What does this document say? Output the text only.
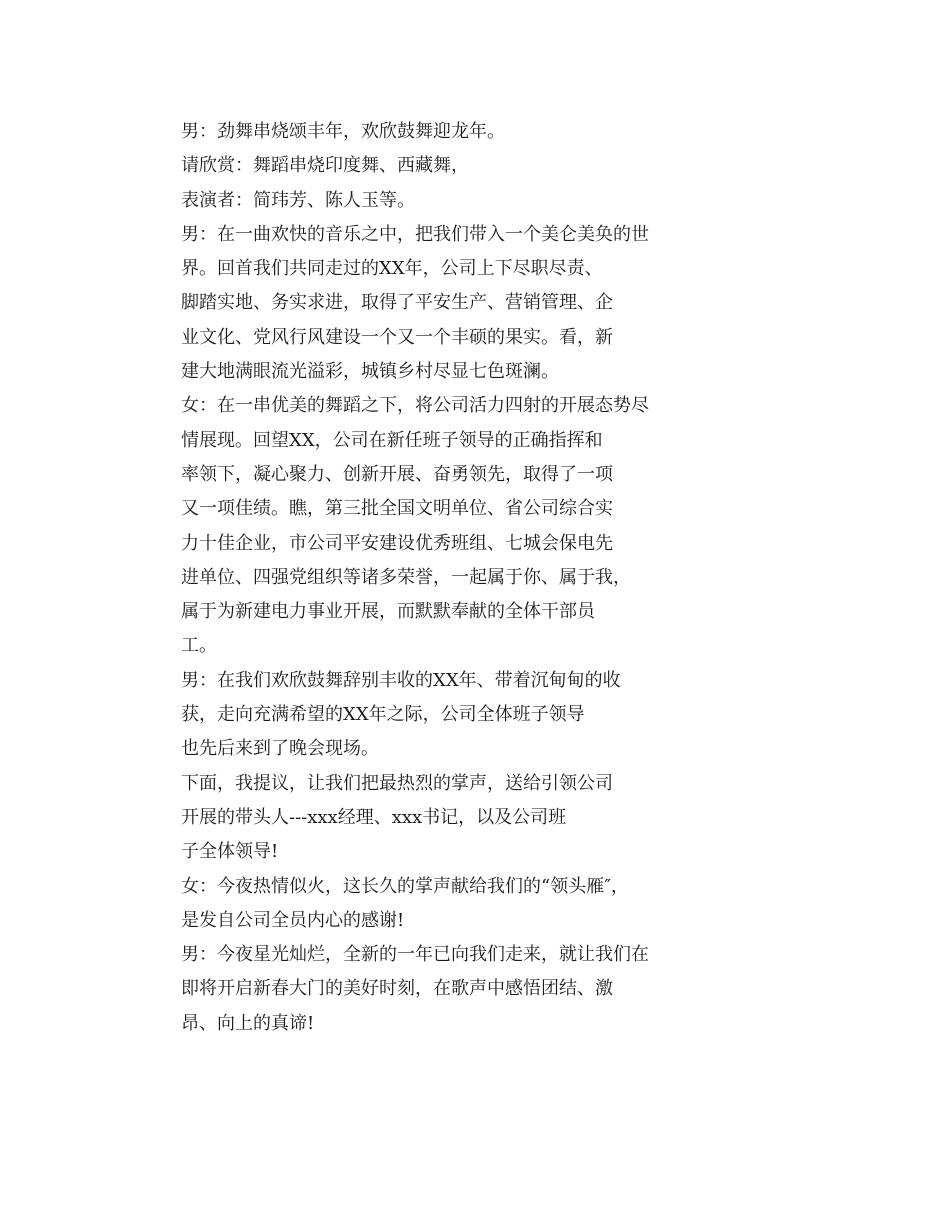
男：劲舞串烧颂丰年，欢欣鼓舞迎龙年。
请欣赏：舞蹈串烧印度舞、西藏舞，
表演者：简玮芳、陈人玉等。
男：在一曲欢快的音乐之中，把我们带入一个美仑美奂的世
界。回首我们共同走过的XX年，公司上下尽职尽责、
脚踏实地、务实求进，取得了平安生产、营销管理、企
业文化、党风行风建设一个又一个丰硕的果实。看，新
建大地满眼流光溢彩，城镇乡村尽显七色斑澜。
女：在一串优美的舞蹈之下，将公司活力四射的开展态势尽
情展现。回望XX，公司在新任班子领导的正确指挥和
率领下，凝心聚力、创新开展、奋勇领先，取得了一项
又一项佳绩。瞧，第三批全国文明单位、省公司综合实
力十佳企业，市公司平安建设优秀班组、七城会保电先
进单位、四强党组织等诸多荣誉，一起属于你、属于我，
属于为新建电力事业开展，而默默奉献的全体干部员
工。
男：在我们欢欣鼓舞辞别丰收的XX年、带着沉甸甸的收
获，走向充满希望的XX年之际，公司全体班子领导
也先后来到了晚会现场。
下面，我提议，让我们把最热烈的掌声，送给引领公司
开展的带头人---xxx经理、xxx书记，以及公司班
子全体领导!
女：今夜热情似火，这长久的掌声献给我们的“领头雁″，
是发自公司全员内心的感谢!
男：今夜星光灿烂，全新的一年已向我们走来，就让我们在
即将开启新春大门的美好时刻，在歌声中感悟团结、激
昂、向上的真谛!
